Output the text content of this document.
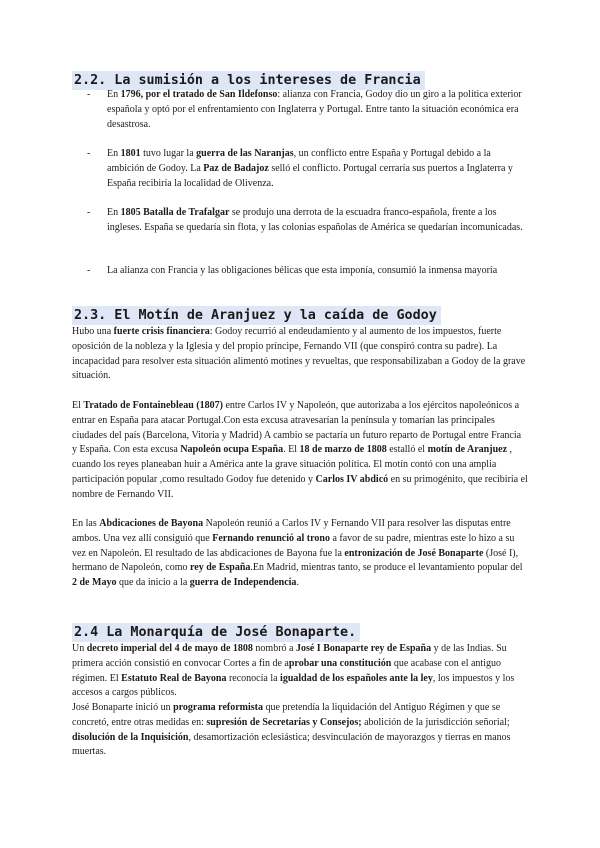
2.2. La sumisión a los intereses de Francia
-	En 1796, por el tratado de San Ildefonso: alianza con Francia, Godoy dio un giro a la política exterior española y optó por el enfrentamiento con Inglaterra y Portugal. Entre tanto la situación económica era desastrosa.
-	En 1801 tuvo lugar la guerra de las Naranjas, un conflicto entre España y Portugal debido a la ambición de Godoy. La Paz de Badajoz selló el conflicto. Portugal cerraría sus puertos a Inglaterra y España recibiría la localidad de Olivenza.
-	En 1805 Batalla de Trafalgar se produjo una derrota de la escuadra franco-española, frente a los ingleses. España se quedaría sin flota, y las colonias españolas de América se quedarían incomunicadas.
-	La alianza con Francia y las obligaciones bélicas que esta imponía, consumió la inmensa mayoría
2.3. El Motín de Aranjuez y la caída de Godoy
Hubo una fuerte crisis financiera: Godoy recurrió al endeudamiento y al aumento de los impuestos, fuerte oposición de la nobleza y la Iglesia y del propio príncipe, Fernando VII (que conspiró contra su padre). La incapacidad para resolver esta situación alimentó motines y revueltas, que responsabilizaban a Godoy de la grave situación.
El Tratado de Fontainebleau (1807) entre Carlos IV y Napoleón, que autorizaba a los ejércitos napoleónicos a entrar en España para atacar Portugal.Con esta excusa atravesarían la península y tomarían las principales ciudades del país (Barcelona, Vitoria y Madrid) A cambio se pactaría un futuro reparto de Portugal entre Francia y España. Con esta excusa Napoleón ocupa España. El 18 de marzo de 1808 estalló el motín de Aranjuez , cuando los reyes planeaban huir a América ante la grave situación política. El motín contó con una amplia participación popular ,como resultado Godoy fue detenido y Carlos IV abdicó en su primogénito, que recibiría el nombre de Fernando VII.
En las Abdicaciones de Bayona Napoleón reunió a Carlos IV y Fernando VII para resolver las disputas entre ambos. Una vez allí consiguió que Fernando renunció al trono a favor de su padre, mientras este lo hizo a su vez en Napoleón. El resultado de las abdicaciones de Bayona fue la entronización de José Bonaparte (José I), hermano de Napoleón, como rey de España.En Madrid, mientras tanto, se produce el levantamiento popular del 2 de Mayo que da inicio a la guerra de Independencia.
2.4 La Monarquía de José Bonaparte.
Un decreto imperial del 4 de mayo de 1808 nombró a José I Bonaparte rey de España y de las Indias. Su primera acción consistió en convocar Cortes a fin de aprobar una constitución que acabase con el antiguo régimen. El Estatuto Real de Bayona reconocía la igualdad de los españoles ante la ley, los impuestos y los accesos a cargos públicos.
José Bonaparte inició un programa reformista que pretendía la liquidación del Antiguo Régimen y que se concretó, entre otras medidas en: supresión de Secretarías y Consejos; abolición de la jurisdicción señorial; disolución de la Inquisición, desamortización eclesiástica; desvinculación de mayorazgos y tierras en manos muertas.
